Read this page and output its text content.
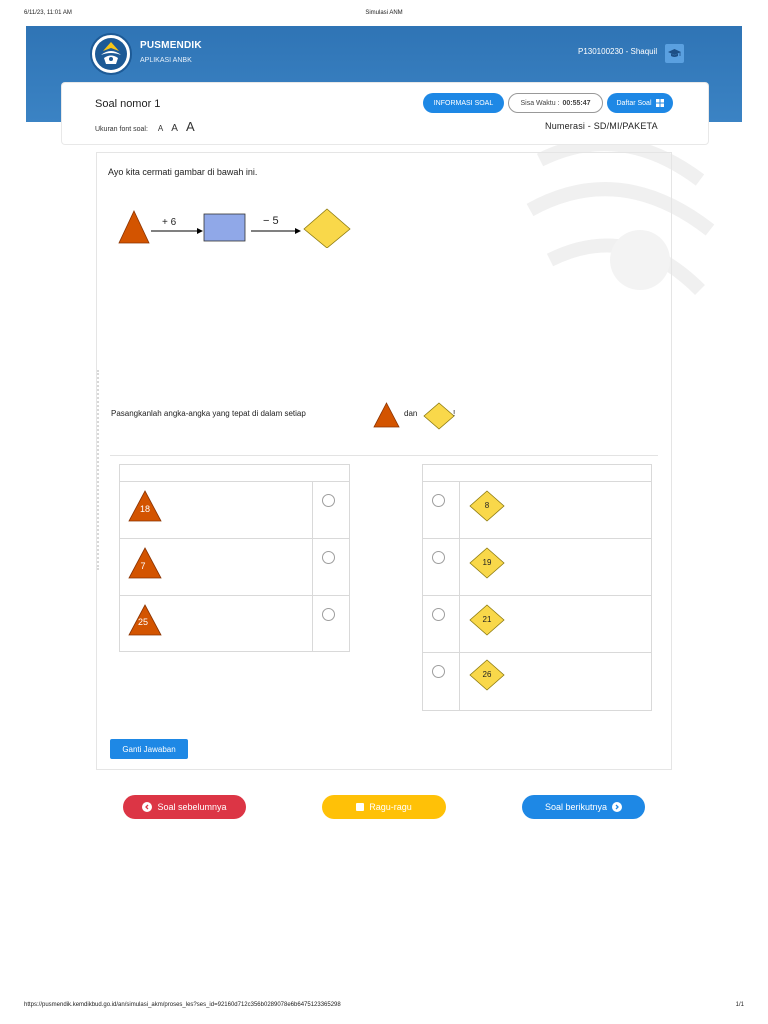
6/11/23, 11:01 AM	Simulasi ANM
PUSMENDIK
APLIKASI ANBK
P130100230 - Shaquil
Soal nomor 1
Ukuran font soal: A A A
INFORMASI SOAL	Sisa Waktu : 00:55:47	Daftar Soal
Numerasi - SD/MI/PAKETA
Ayo kita cermati gambar di bawah ini.
+ 6	− 5
Pasangkanlah angka-angka yang tepat di dalam setiap	dan	!
18
7
25
8
19
21
26
Ganti Jawaban
Soal sebelumnya	Ragu-ragu	Soal berikutnya
https://pusmendik.kemdikbud.go.id/an/simulasi_akm/proses_les?ses_id=92160d712c356b0289078e6b6475123365298	1/1
